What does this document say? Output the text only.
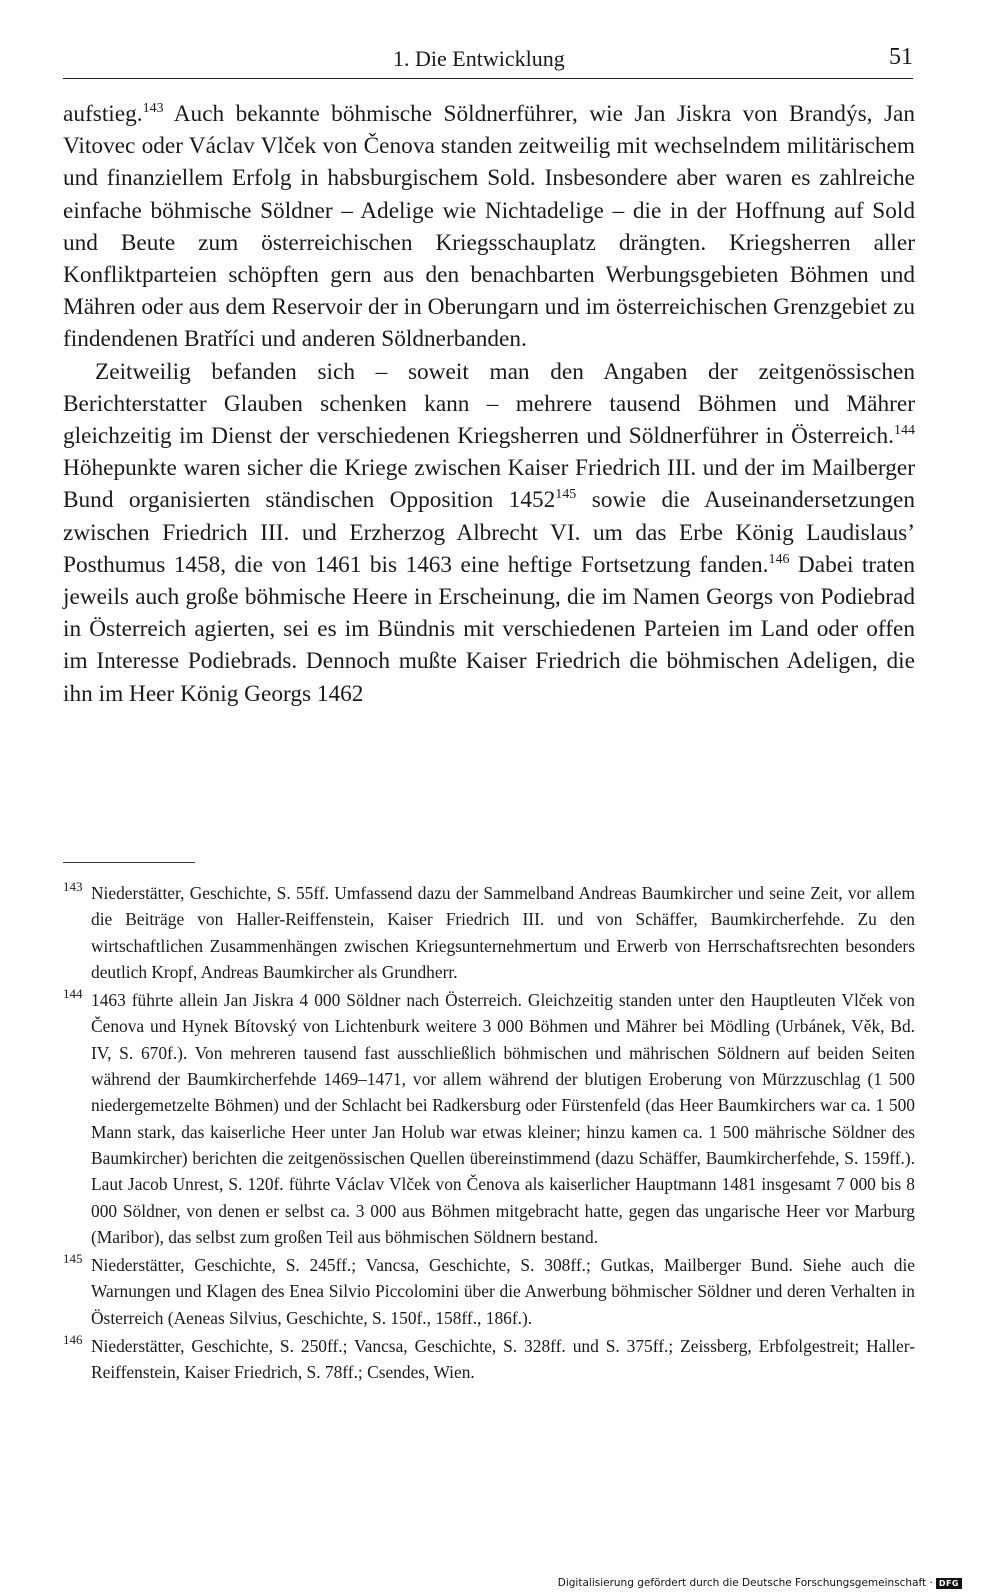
1. Die Entwicklung	51

aufstieg.$^{143}$ Auch bekannte böhmische Söldnerführer, wie Jan Jiskra von Brandýs, Jan Vitovec oder Václav Vlček von Čenova standen zeitweilig mit wechselndem militärischem und finanziellem Erfolg in habsburgischem Sold. Insbesondere aber waren es zahlreiche einfache böhmische Söldner – Adelige wie Nichtadelige – die in der Hoffnung auf Sold und Beute zum österreichischen Kriegsschauplatz drängten. Kriegsherren aller Konfliktparteien schöpften gern aus den benachbarten Werbungsgebieten Böhmen und Mähren oder aus dem Reservoir der in Oberungarn und im österreichischen Grenzgebiet zu findendenen Bratříci und anderen Söldnerbanden.

Zeitweilig befanden sich – soweit man den Angaben der zeitgenössischen Berichterstatter Glauben schenken kann – mehrere tausend Böhmen und Mährer gleichzeitig im Dienst der verschiedenen Kriegsherren und Söldnerführer in Österreich.$^{144}$ Höhepunkte waren sicher die Kriege zwischen Kaiser Friedrich III. und der im Mailberger Bund organisierten ständischen Opposition 1452$^{145}$ sowie die Auseinandersetzungen zwischen Friedrich III. und Erzherzog Albrecht VI. um das Erbe König Laudislaus’ Posthumus 1458, die von 1461 bis 1463 eine heftige Fortsetzung fanden.$^{146}$ Dabei traten jeweils auch große böhmische Heere in Erscheinung, die im Namen Georgs von Podiebrad in Österreich agierten, sei es im Bündnis mit verschiedenen Parteien im Land oder offen im Interesse Podiebrads. Dennoch mußte Kaiser Friedrich die böhmischen Adeligen, die ihn im Heer König Georgs 1462

143 Niederstätter, Geschichte, S. 55ff. Umfassend dazu der Sammelband Andreas Baumkircher und seine Zeit, vor allem die Beiträge von Haller-Reiffenstein, Kaiser Friedrich III. und von Schäffer, Baumkircherfehde. Zu den wirtschaftlichen Zusammenhängen zwischen Kriegsunternehmertum und Erwerb von Herrschaftsrechten besonders deutlich Kropf, Andreas Baumkircher als Grundherr.
144 1463 führte allein Jan Jiskra 4 000 Söldner nach Österreich. Gleichzeitig standen unter den Hauptleuten Vlček von Čenova und Hynek Bítovský von Lichtenburk weitere 3 000 Böhmen und Mährer bei Mödling (Urbánek, Věk, Bd. IV, S. 670f.). Von mehreren tausend fast ausschließlich böhmischen und mährischen Söldnern auf beiden Seiten während der Baumkircherfehde 1469–1471, vor allem während der blutigen Eroberung von Mürzzuschlag (1 500 niedergemetzelte Böhmen) und der Schlacht bei Radkersburg oder Fürstenfeld (das Heer Baumkirchers war ca. 1 500 Mann stark, das kaiserliche Heer unter Jan Holub war etwas kleiner; hinzu kamen ca. 1 500 mährische Söldner des Baumkircher) berichten die zeitgenössischen Quellen übereinstimmend (dazu Schäffer, Baumkircherfehde, S. 159ff.). Laut Jacob Unrest, S. 120f. führte Václav Vlček von Čenova als kaiserlicher Hauptmann 1481 insgesamt 7 000 bis 8 000 Söldner, von denen er selbst ca. 3 000 aus Böhmen mitgebracht hatte, gegen das ungarische Heer vor Marburg (Maribor), das selbst zum großen Teil aus böhmischen Söldnern bestand.
145 Niederstätter, Geschichte, S. 245ff.; Vancsa, Geschichte, S. 308ff.; Gutkas, Mailberger Bund. Siehe auch die Warnungen und Klagen des Enea Silvio Piccolomini über die Anwerbung böhmischer Söldner und deren Verhalten in Österreich (Aeneas Silvius, Geschichte, S. 150f., 158ff., 186f.).
146 Niederstätter, Geschichte, S. 250ff.; Vancsa, Geschichte, S. 328ff. und S. 375ff.; Zeissberg, Erbfolgestreit; Haller-Reiffenstein, Kaiser Friedrich, S. 78ff.; Csendes, Wien.
Digitalisierung gefördert durch die Deutsche Forschungsgemeinschaft · DFG
